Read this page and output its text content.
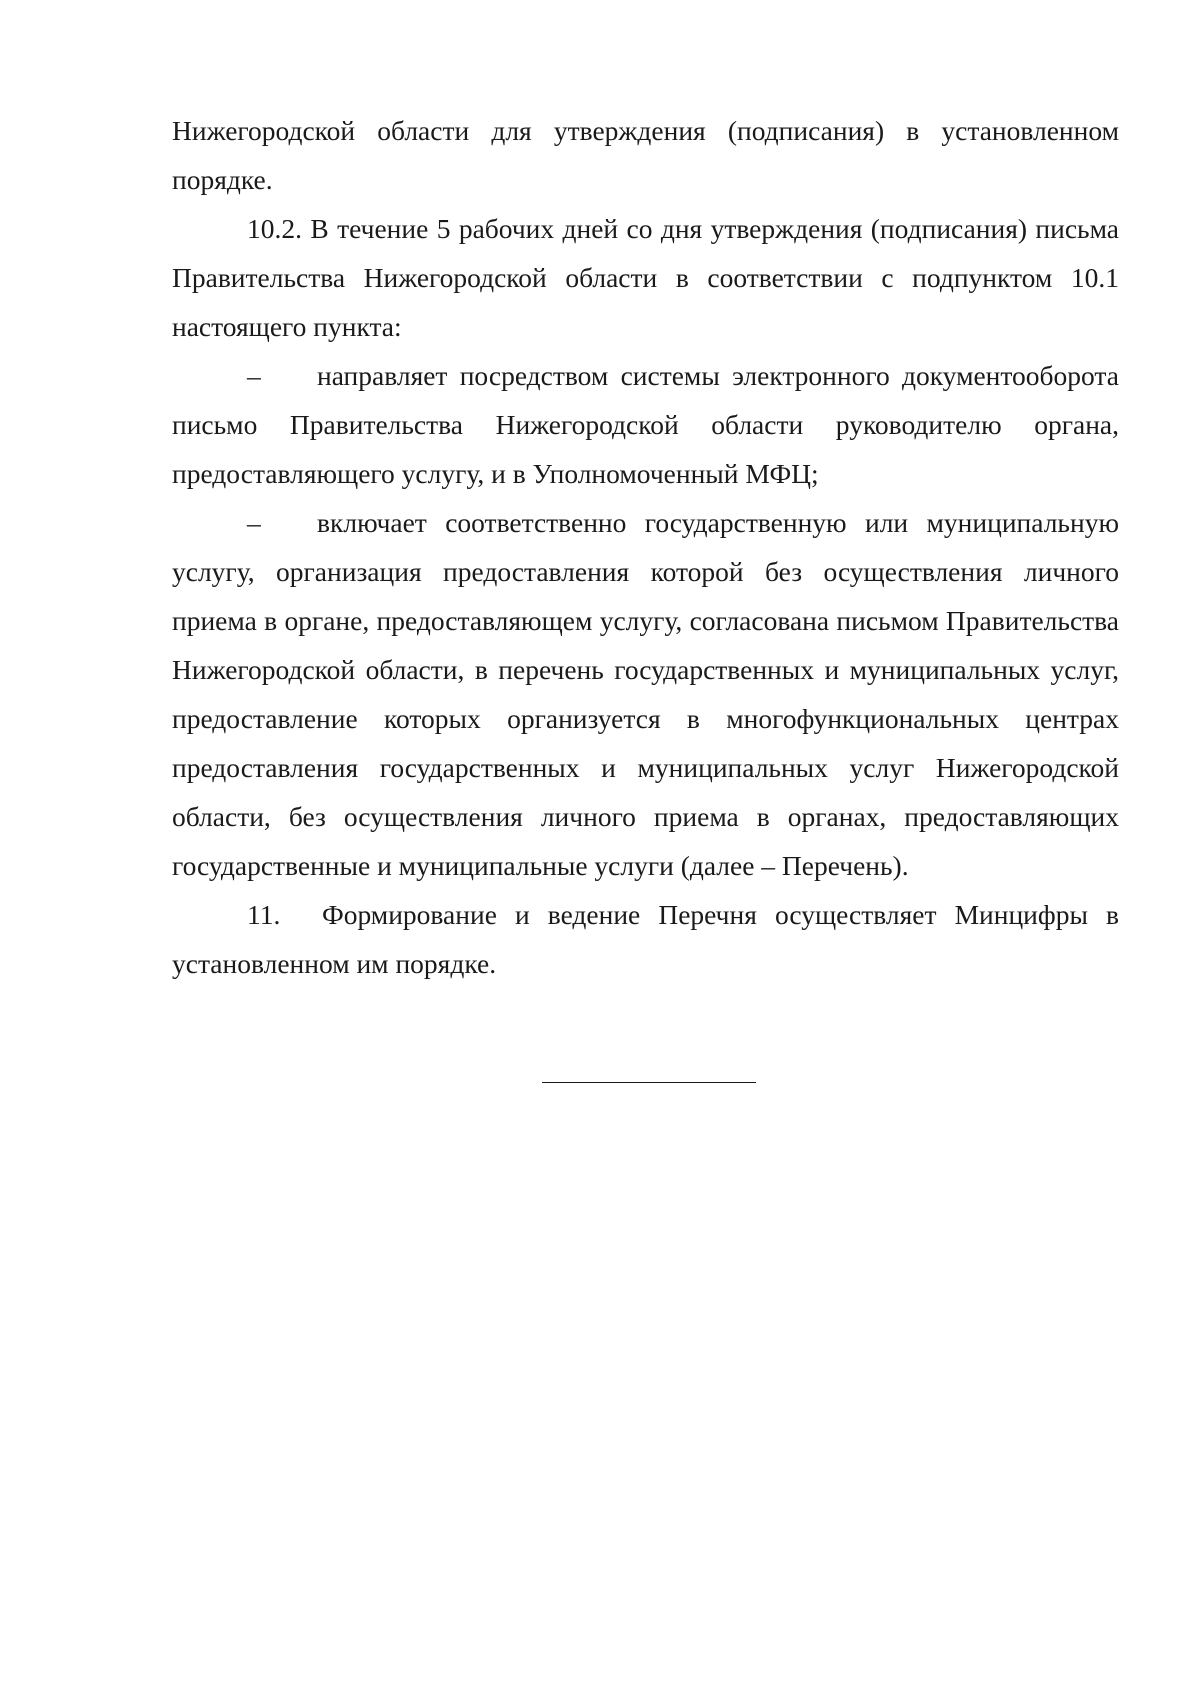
Нижегородской области для утверждения (подписания) в установленном порядке.

10.2. В течение 5 рабочих дней со дня утверждения (подписания) письма Правительства Нижегородской области в соответствии с подпунктом 10.1 настоящего пункта:

– направляет посредством системы электронного документооборота письмо Правительства Нижегородской области руководителю органа, предоставляющего услугу, и в Уполномоченный МФЦ;

– включает соответственно государственную или муниципальную услугу, организация предоставления которой без осуществления личного приема в органе, предоставляющем услугу, согласована письмом Правительства Нижегородской области, в перечень государственных и муниципальных услуг, предоставление которых организуется в многофункциональных центрах предоставления государственных и муниципальных услуг Нижегородской области, без осуществления личного приема в органах, предоставляющих государственные и муниципальные услуги (далее – Перечень).

11. Формирование и ведение Перечня осуществляет Минцифры в установленном им порядке.
